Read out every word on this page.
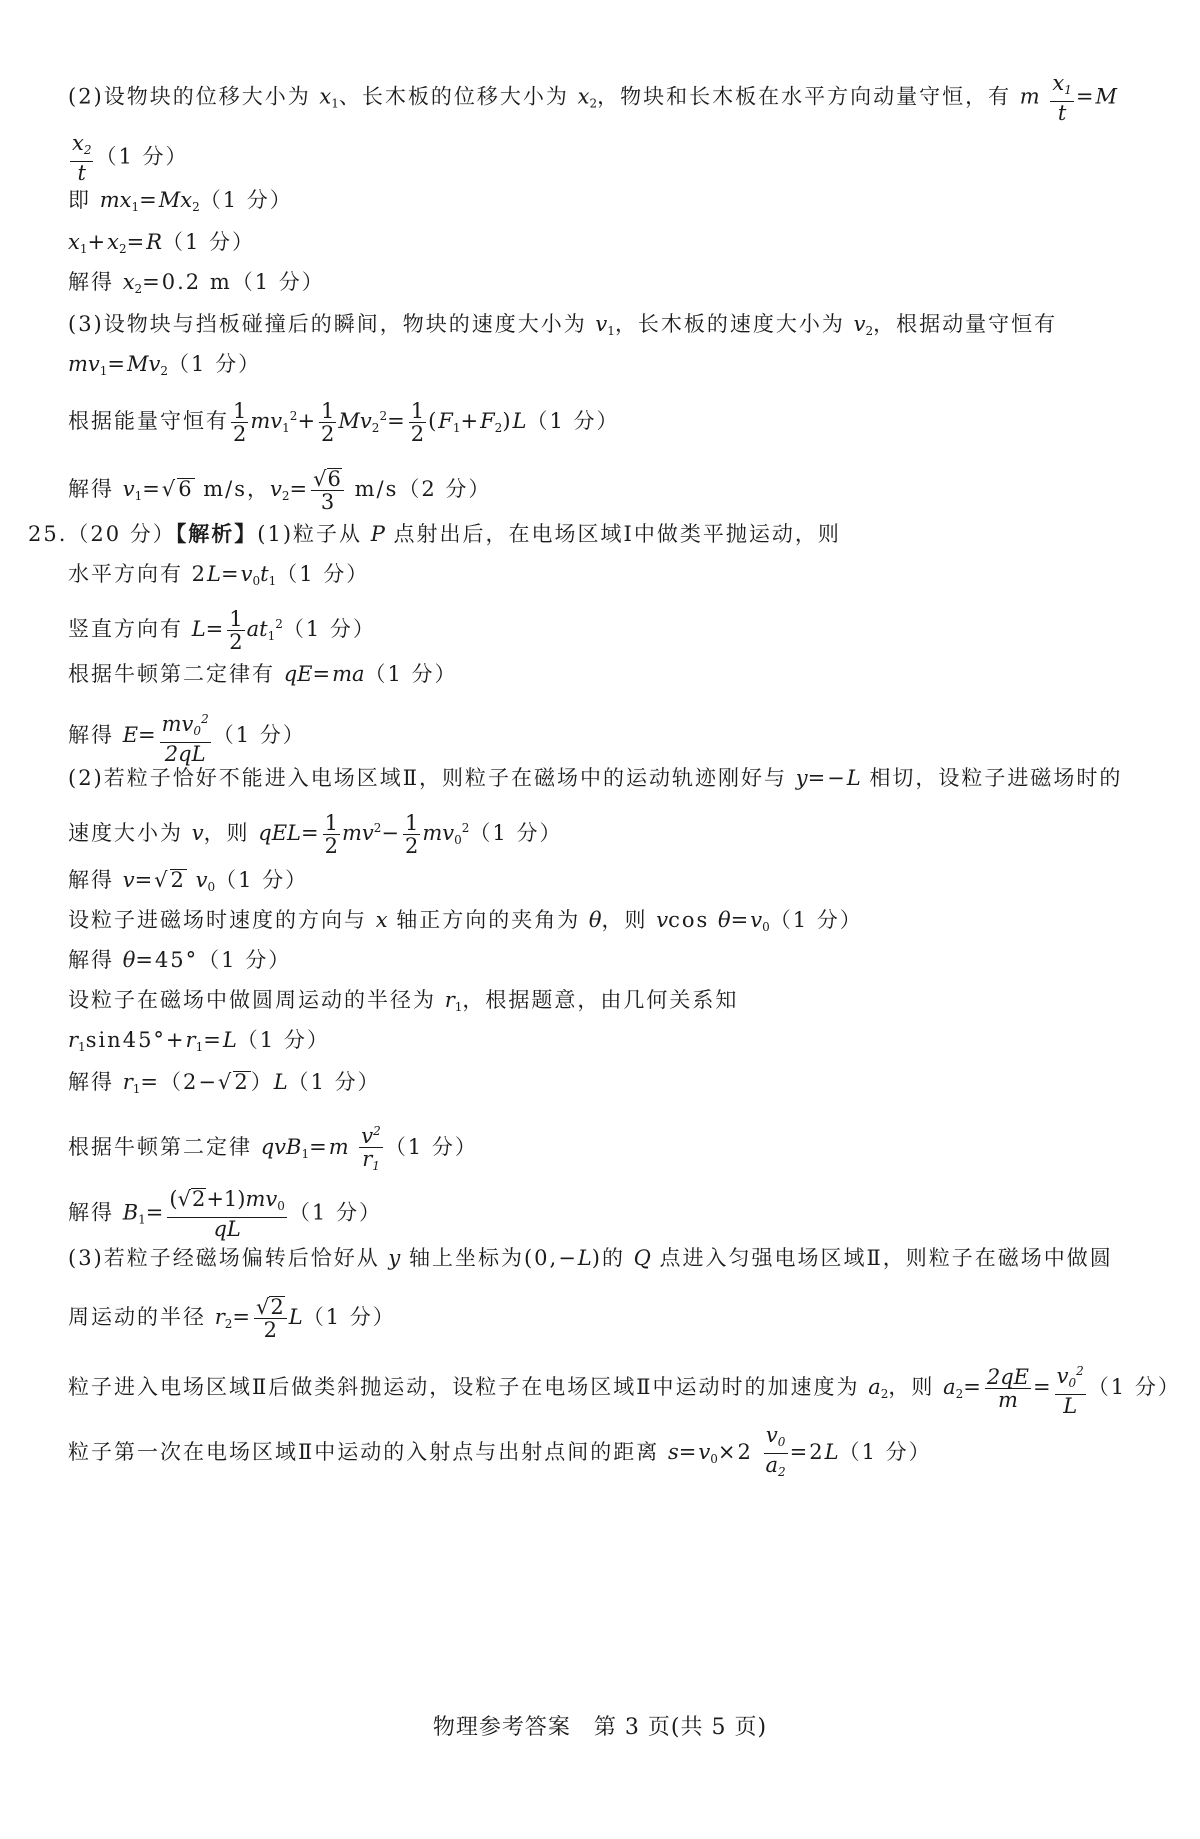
(2)设物块的位移大小为 $x_1$、长木板的位移大小为 $x_2$，物块和长木板在水平方向动量守恒，有 m $\frac{x_1}{t} =M$
$\frac{x_2}{t} (1$ 分）
即 $mx_1=Mx_2(1$ 分）
$x_1+x_2=R(1$ 分）
解得 $x_2=0.2$ m（1 分）
(3)设物块与挡板碰撞后的瞬间，物块的速度大小为 $v_1$，长木板的速度大小为 $v_2$，根据动量守恒有
$mv_1=Mv_2(1$ 分）
根据能量守恒有 $\frac{1}{2} mv_1^2+ \frac{1}{2} Mv_2^2= \frac{1}{2} (F_1+F_2)L(1$ 分）
解得 $v_1=√6$ m/s，$v_2= \frac{√6}{3} m/s(2$ 分）
25.（20 分）【解析】(1)粒子从 P 点射出后，在电场区域Ⅰ中做类平抛运动，则
水平方向有 $2L=v_0t_1(1$ 分）
竖直方向有 $L= \frac{1}{2} at_1^2(1$ 分）
根据牛顿第二定律有 qE=ma（1 分）
解得 $E= \frac{mv_0^2}{2qL} (1$ 分）
(2)若粒子恰好不能进入电场区域Ⅱ，则粒子在磁场中的运动轨迹刚好与 y=−L 相切，设粒子进磁场时的
速度大小为 v，则 $qEL= \frac{1}{2} mv^2- \frac{1}{2} mv_0^2(1$ 分）
解得 v=√2 $v_0(1$ 分）
设粒子进磁场时速度的方向与 x 轴正方向的夹角为 θ，则 vcos $\theta=v_0(1$ 分）
解得 θ=45°（1 分）
设粒子在磁场中做圆周运动的半径为 $r_1$，根据题意，由几何关系知
$r_1\sin 45^\circ+r_1=L(1$ 分）
解得 $r_1=(2-√2)L(1$ 分）
根据牛顿第二定律 $qvB_1=m \frac{v^2}{r_1} (1$ 分）
解得 $B_1= \frac{(√2+1)mv_0}{qL} (1$ 分）
(3)若粒子经磁场偏转后恰好从 y 轴上坐标为(0,−L)的 Q 点进入匀强电场区域Ⅱ，则粒子在磁场中做圆
周运动的半径 $r_2= \frac{√2}{2} L(1$ 分）
粒子进入电场区域Ⅱ后做类斜抛运动，设粒子在电场区域Ⅱ中运动时的加速度为 $a_2$，则 $a_2= \frac{2qE}{m} = \frac{v_0^2}{L} (1$ 分）
粒子第一次在电场区域Ⅱ中运动的入射点与出射点间的距离 $s=v_0\times 2 \frac{v_0}{a_2} =2L(1$ 分）
物理参考答案　第 3 页(共 5 页)
